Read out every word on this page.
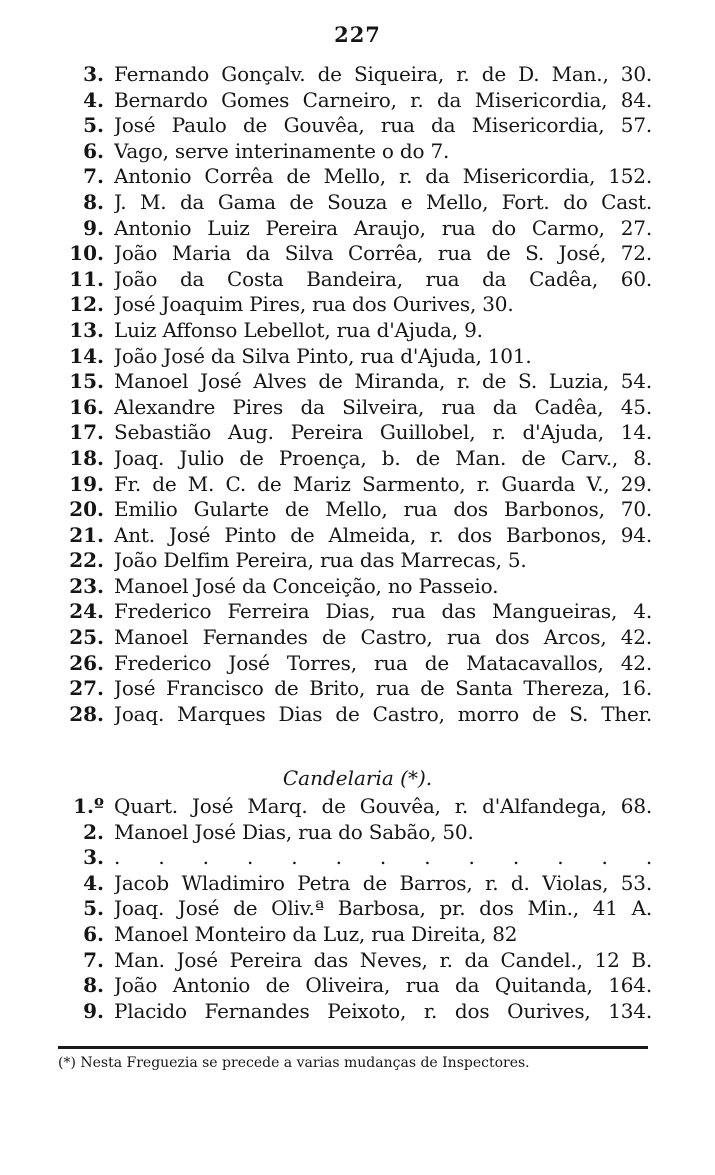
227
3. Fernando Gonçalv. de Siqueira, r. de D. Man., 30.
4. Bernardo Gomes Carneiro, r. da Misericordia, 84.
5. José Paulo de Gouvêa, rua da Misericordia, 57.
6. Vago, serve interinamente o do 7.
7. Antonio Corrêa de Mello, r. da Misericordia, 152.
8. J. M. da Gama de Souza e Mello, Fort. do Cast.
9. Antonio Luiz Pereira Araujo, rua do Carmo, 27.
10. João Maria da Silva Corrêa, rua de S. José, 72.
11. João da Costa Bandeira, rua da Cadêa, 60.
12. José Joaquim Pires, rua dos Ourives, 30.
13. Luiz Affonso Lebellot, rua d'Ajuda, 9.
14. João José da Silva Pinto, rua d'Ajuda, 101.
15. Manoel José Alves de Miranda, r. de S. Luzia, 54.
16. Alexandre Pires da Silveira, rua da Cadêa, 45.
17. Sebastião Aug. Pereira Guillobel, r. d'Ajuda, 14.
18. Joaq. Julio de Proença, b. de Man. de Carv., 8.
19. Fr. de M. C. de Mariz Sarmento, r. Guarda V., 29.
20. Emilio Gularte de Mello, rua dos Barbonos, 70.
21. Ant. José Pinto de Almeida, r. dos Barbonos, 94.
22. João Delfim Pereira, rua das Marrecas, 5.
23. Manoel José da Conceição, no Passeio.
24. Frederico Ferreira Dias, rua das Mangueiras, 4.
25. Manoel Fernandes de Castro, rua dos Arcos, 42.
26. Frederico José Torres, rua de Matacavallos, 42.
27. José Francisco de Brito, rua de Santa Thereza, 16.
28. Joaq. Marques Dias de Castro, morro de S. Ther.
Candelaria (*).
1.º Quart. José Marq. de Gouvêa, r. d'Alfandega, 68.
2. Manoel José Dias, rua do Sabão, 50.
3. . . . . . . . . . . . . .
4. Jacob Wladimiro Petra de Barros, r. d. Violas, 53.
5. Joaq. José de Oliv.ª Barbosa, pr. dos Min., 41 A.
6. Manoel Monteiro da Luz, rua Direita, 82
7. Man. José Pereira das Neves, r. da Candel., 12 B.
8. João Antonio de Oliveira, rua da Quitanda, 164.
9. Placido Fernandes Peixoto, r. dos Ourives, 134.
(*) Nesta Freguezia se precede a varias mudanças de Inspectores.
